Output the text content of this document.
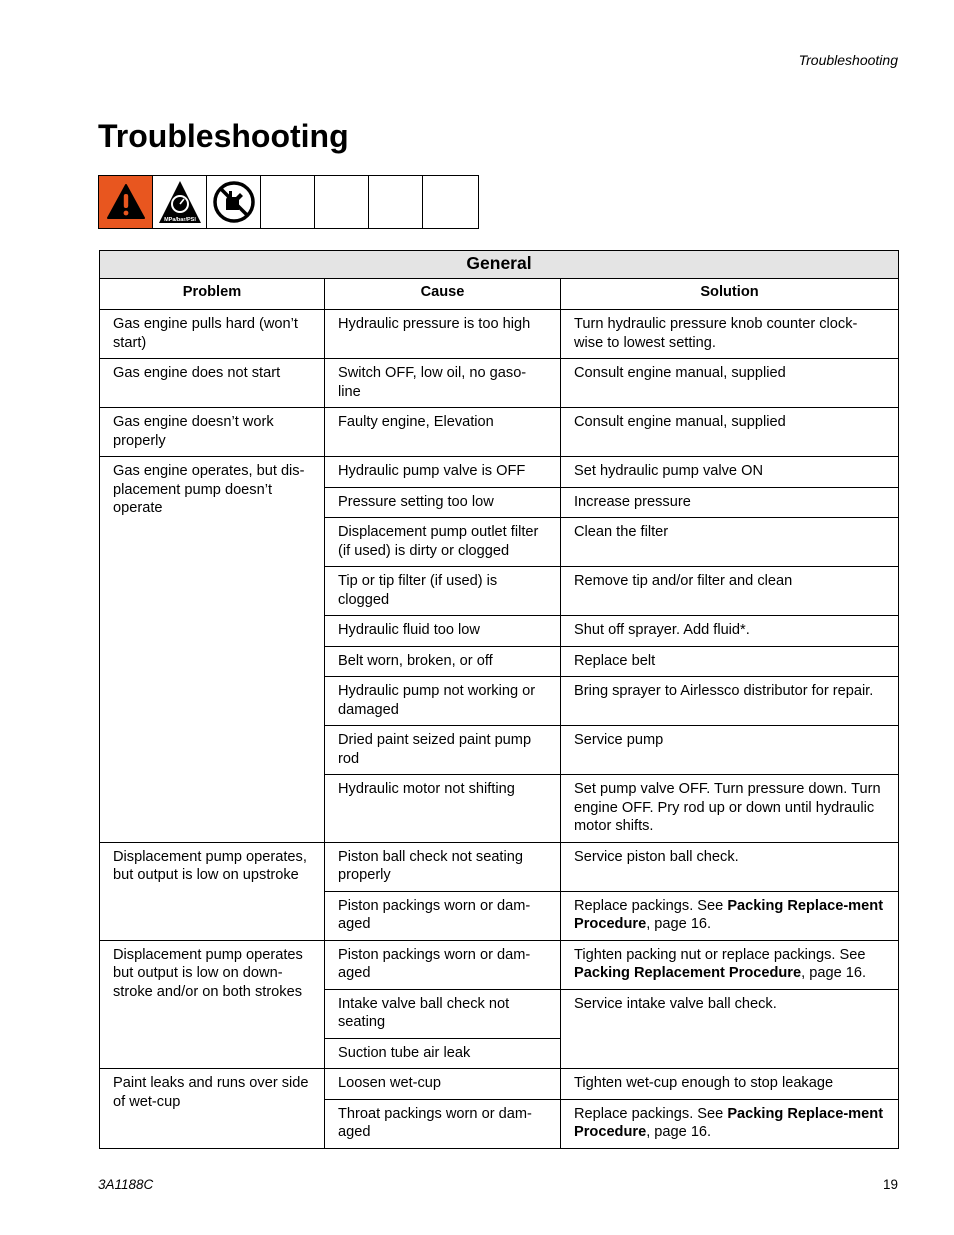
Troubleshooting
Troubleshooting
MPa/bar/PSI
General		
Problem	Cause	Solution
Gas engine pulls hard (won’t start)	Hydraulic pressure is too high	Turn hydraulic pressure knob counter clock-wise to lowest setting.
Gas engine does not start	Switch OFF, low oil, no gaso-line	Consult engine manual, supplied
Gas engine doesn’t work properly	Faulty engine, Elevation	Consult engine manual, supplied
Gas engine operates, but dis-placement pump doesn’t operate	Hydraulic pump valve is OFF	Set hydraulic pump valve ON
	Pressure setting too low	Increase pressure
	Displacement pump outlet filter (if used) is dirty or clogged	Clean the filter
	Tip or tip filter (if used) is clogged	Remove tip and/or filter and clean
	Hydraulic fluid too low	Shut off sprayer. Add fluid*.
	Belt worn, broken, or off	Replace belt
	Hydraulic pump not working or damaged	Bring sprayer to Airlessco distributor for repair.
	Dried paint seized paint pump rod	Service pump
	Hydraulic motor not shifting	Set pump valve OFF. Turn pressure down. Turn engine OFF. Pry rod up or down until hydraulic motor shifts.
Displacement pump operates, but output is low on upstroke	Piston ball check not seating properly	Service piston ball check.
	Piston packings worn or dam-aged	Replace packings. See Packing Replace-ment Procedure, page 16.
Displacement pump operates but output is low on down-stroke and/or on both strokes	Piston packings worn or dam-aged	Tighten packing nut or replace packings. See Packing Replacement Procedure, page 16.
	Intake valve ball check not seating	Service intake valve ball check.
	Suction tube air leak	
Paint leaks and runs over side of wet-cup	Loosen wet-cup	Tighten wet-cup enough to stop leakage
	Throat packings worn or dam-aged	Replace packings. See Packing Replace-ment Procedure, page 16.
3A1188C	19
